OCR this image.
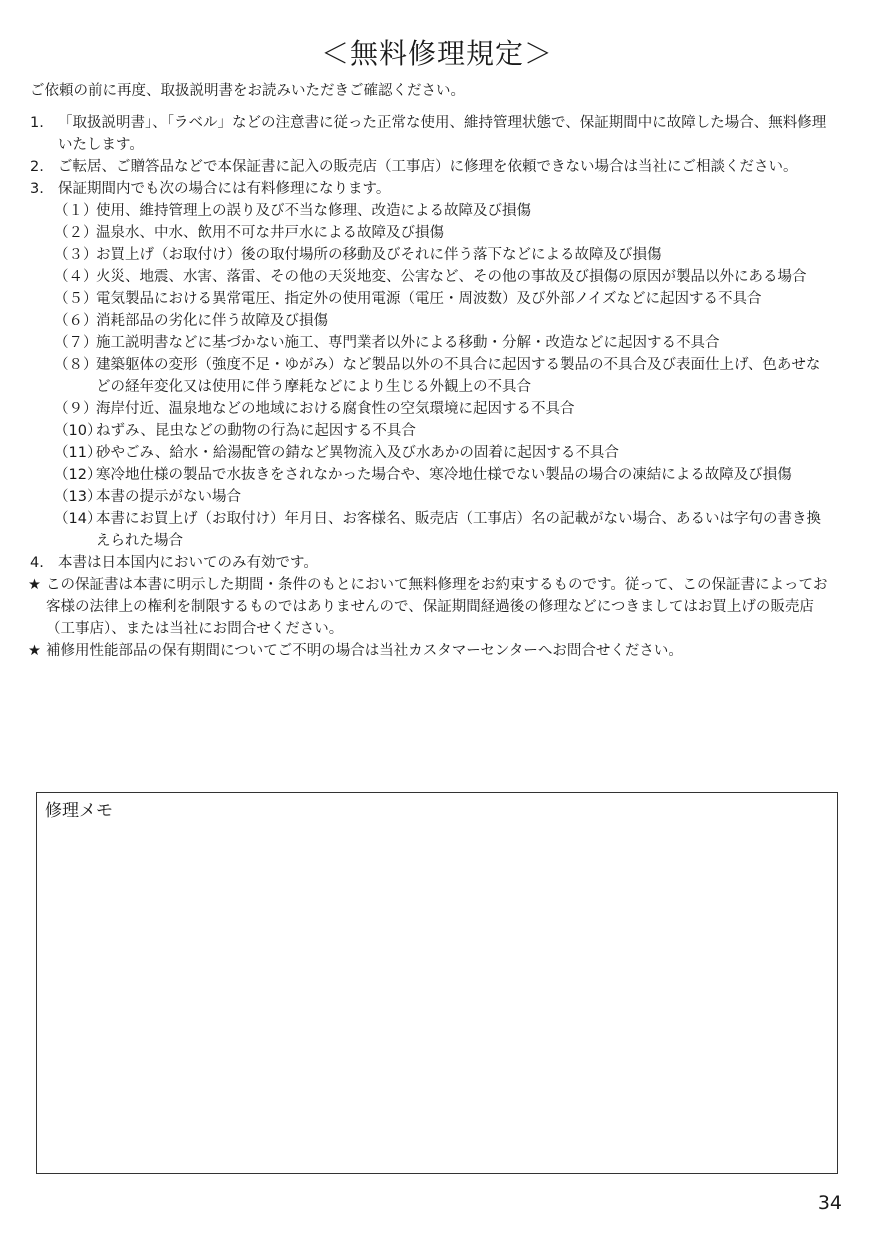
＜無料修理規定＞
ご依頼の前に再度、取扱説明書をお読みいただきご確認ください。
1. 「取扱説明書」、「ラベル」などの注意書に従った正常な使用、維持管理状態で、保証期間中に故障した場合、無料修理いたします。
2. ご転居、ご贈答品などで本保証書に記入の販売店（工事店）に修理を依頼できない場合は当社にご相談ください。
3. 保証期間内でも次の場合には有料修理になります。
（１）
使用、維持管理上の誤り及び不当な修理、改造による故障及び損傷
（２）
温泉水、中水、飲用不可な井戸水による故障及び損傷
（３）
お買上げ（お取付け）後の取付場所の移動及びそれに伴う落下などによる故障及び損傷
（４）
火災、地震、水害、落雷、その他の天災地変、公害など、その他の事故及び損傷の原因が製品以外にある場合
（５）
電気製品における異常電圧、指定外の使用電源（電圧・周波数）及び外部ノイズなどに起因する不具合
（６）
消耗部品の劣化に伴う故障及び損傷
（７）
施工説明書などに基づかない施工、専門業者以外による移動・分解・改造などに起因する不具合
（８）
建築躯体の変形（強度不足・ゆがみ）など製品以外の不具合に起因する製品の不具合及び表面仕上げ、色あせなどの経年変化又は使用に伴う摩耗などにより生じる外観上の不具合
（９）
海岸付近、温泉地などの地域における腐食性の空気環境に起因する不具合
（10）
ねずみ、昆虫などの動物の行為に起因する不具合
（11）
砂やごみ、給水・給湯配管の錆など異物流入及び水あかの固着に起因する不具合
（12）
寒冷地仕様の製品で水抜きをされなかった場合や、寒冷地仕様でない製品の場合の凍結による故障及び損傷
（13）
本書の提示がない場合
（14）
本書にお買上げ（お取付け）年月日、お客様名、販売店（工事店）名の記載がない場合、あるいは字句の書き換えられた場合
4. 本書は日本国内においてのみ有効です。
★ この保証書は本書に明示した期間・条件のもとにおいて無料修理をお約束するものです。従って、この保証書によってお客様の法律上の権利を制限するものではありませんので、保証期間経過後の修理などにつきましてはお買上げの販売店（工事店）、または当社にお問合せください。
★ 補修用性能部品の保有期間についてご不明の場合は当社カスタマーセンターへお問合せください。
修理メモ
34
